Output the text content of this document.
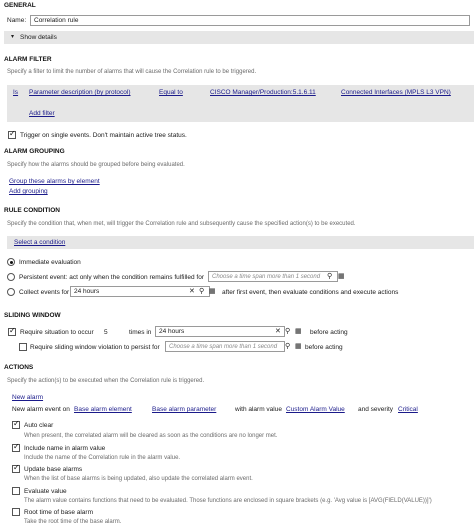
GENERAL
Name:	Correlation rule
▾ Show details
ALARM FILTER
Specify a filter to limit the number of alarms that will cause the Correlation rule to be triggered.
Is Parameter description (by protocol)	Equal to	CISCO Manager/Production:5.1.6.11	Connected Interfaces (MPLS L3 VPN)
Add filter
✓
Trigger on single events. Don't maintain active tree status.
ALARM GROUPING
Specify how the alarms should be grouped before being evaluated.
Group these alarms by element
Add grouping
RULE CONDITION
Specify the condition that, when met, will trigger the Correlation rule and subsequently cause the specified action(s) to be executed.
Select a condition
Immediate evaluation
Persistent event: act only when the condition remains fulfilled for	Choose a time span more than 1 second ⚲ ▦
Collect events for 24 hours	✕ ⚲ ▦ after first event, then evaluate conditions and execute actions
SLIDING WINDOW
✓
Require situation to occur 5	times in	24 hours	✕ ⚲ ▦ before acting
Require sliding window violation to persist for	Choose a time span more than 1 second	⚲ ▦ before acting
ACTIONS
Specify the action(s) to be executed when the Correlation rule is triggered.
New alarm
New alarm event on Base alarm element	Base alarm parameter	with alarm value Custom Alarm Value and severity Critical
✓
Auto clear
When present, the correlated alarm will be cleared as soon as the conditions are no longer met.
✓
Include name in alarm value
Include the name of the Correlation rule in the alarm value.
✓
Update base alarms
When the list of base alarms is being updated, also update the correlated alarm event.
Evaluate value
The alarm value contains functions that need to be evaluated. Those functions are enclosed in square brackets (e.g. 'Avg value is [AVG(FIELD(VALUE))]')
Root time of base alarm
Take the root time of the base alarm.
